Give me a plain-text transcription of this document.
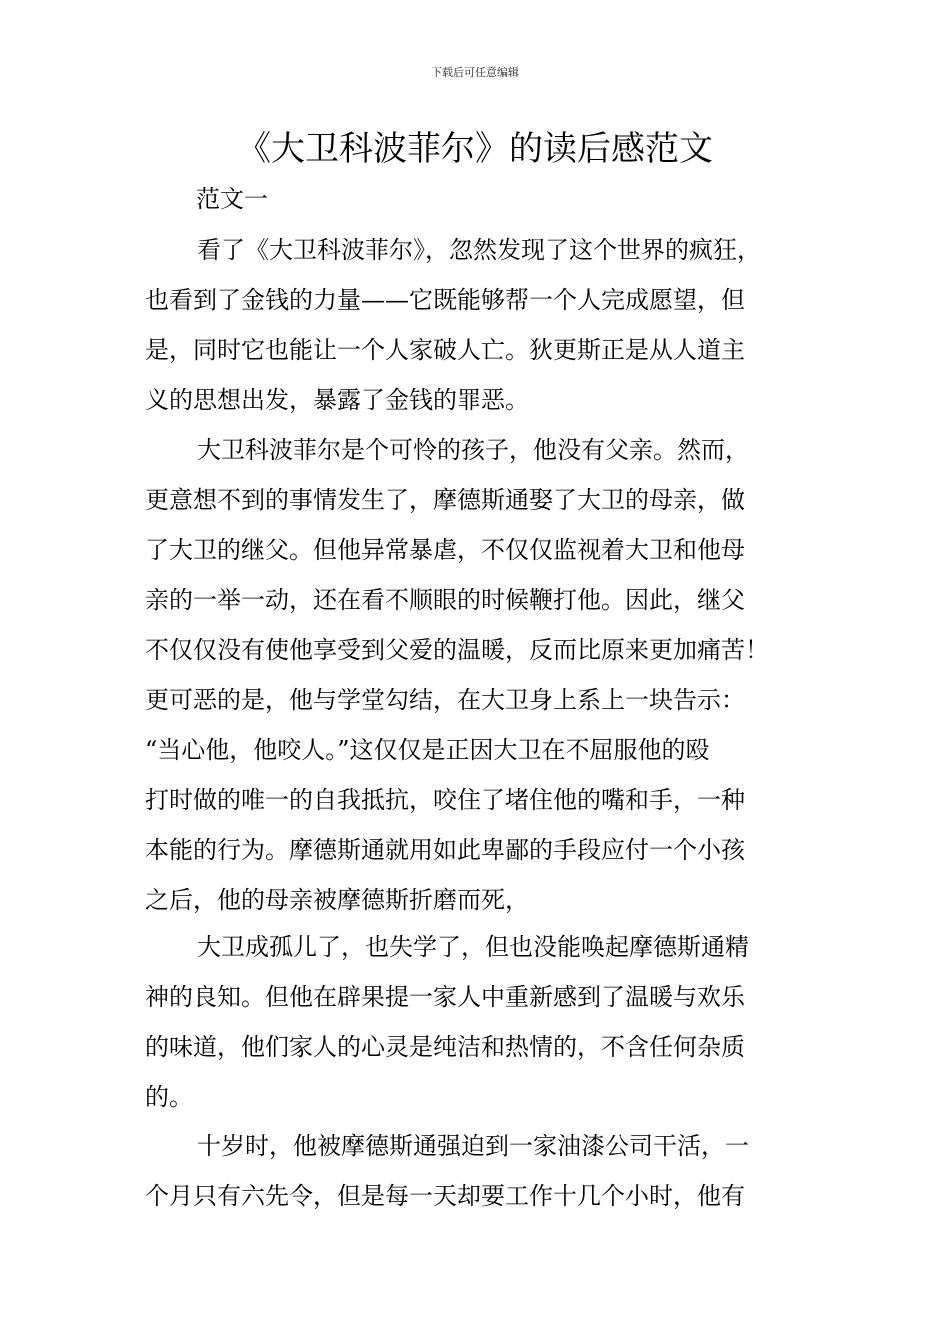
下载后可任意编辑
《大卫科波菲尔》的读后感范文

范文一

看了《大卫科波菲尔》，忽然发现了这个世界的疯狂，
也看到了金钱的力量——它既能够帮一个人完成愿望，但
是，同时它也能让一个人家破人亡。狄更斯正是从人道主
义的思想出发，暴露了金钱的罪恶。
大卫科波菲尔是个可怜的孩子，他没有父亲。然而，
更意想不到的事情发生了，摩德斯通娶了大卫的母亲，做
了大卫的继父。但他异常暴虐，不仅仅监视着大卫和他母
亲的一举一动，还在看不顺眼的时候鞭打他。因此，继父
不仅仅没有使他享受到父爱的温暖，反而比原来更加痛苦！
更可恶的是，他与学堂勾结，在大卫身上系上一块告示：
“当心他，他咬人。”这仅仅是正因大卫在不屈服他的殴
打时做的唯一的自我抵抗，咬住了堵住他的嘴和手，一种
本能的行为。摩德斯通就用如此卑鄙的手段应付一个小孩
之后，他的母亲被摩德斯折磨而死，
大卫成孤儿了，也失学了，但也没能唤起摩德斯通精
神的良知。但他在辟果提一家人中重新感到了温暖与欢乐
的味道，他们家人的心灵是纯洁和热情的，不含任何杂质
的。
十岁时，他被摩德斯通强迫到一家油漆公司干活，一
个月只有六先令，但是每一天却要工作十几个小时，他有
